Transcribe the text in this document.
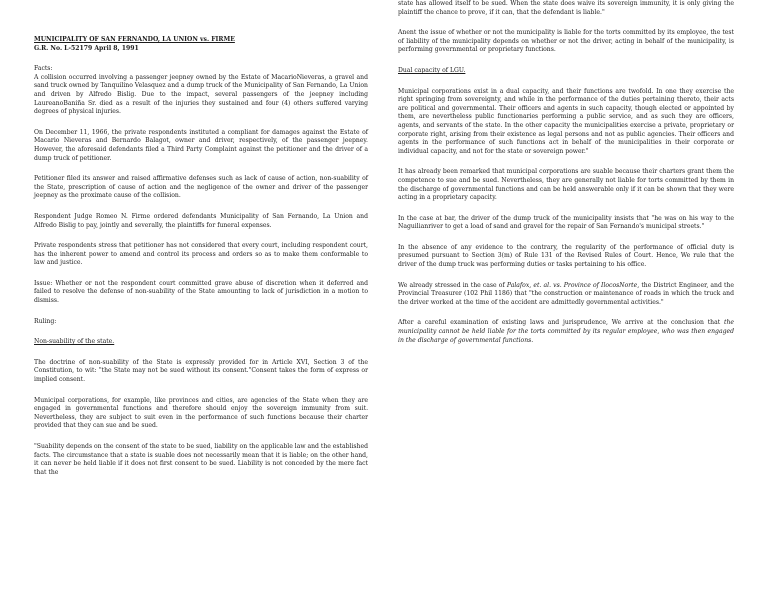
MUNICIPALITY OF SAN FERNANDO, LA UNION vs. FIRME
G.R. No. L-52179 April 8, 1991
Facts:

A collision occurred involving a passenger jeepney owned by the Estate of MacarioNieveras, a gravel and sand truck owned by Tanquilino Velasquez and a dump truck of the Municipality of San Fernando, La Union and driven by Alfredo Bislig. Due to the impact, several passengers of the jeepney including LaureanoBaniña Sr. died as a result of the injuries they sustained and four (4) others suffered varying degrees of physical injuries.

On December 11, 1966, the private respondents instituted a compliant for damages against the Estate of Macario Nieveras and Bernardo Balagot, owner and driver, respectively, of the passenger jeepney. However, the aforesaid defendants filed a Third Party Complaint against the petitioner and the driver of a dump truck of petitioner.

Petitioner filed its answer and raised affirmative defenses such as lack of cause of action, non-suability of the State, prescription of cause of action and the negligence of the owner and driver of the passenger jeepney as the proximate cause of the collision.

Respondent Judge Romeo N. Firme ordered defendants Municipality of San Fernando, La Union and Alfredo Bislig to pay, jointly and severally, the plaintiffs for funeral expenses.

Private respondents stress that petitioner has not considered that every court, including respondent court, has the inherent power to amend and control its process and orders so as to make them conformable to law and justice.

Issue: Whether or not the respondent court committed grave abuse of discretion when it deferred and failed to resolve the defense of non-suability of the State amounting to lack of jurisdiction in a motion to dismiss.

Ruling:

Non-suability of the state.

The doctrine of non-suability of the State is expressly provided for in Article XVI, Section 3 of the Constitution, to wit: "the State may not be sued without its consent."Consent takes the form of express or implied consent.

Municipal corporations, for example, like provinces and cities, are agencies of the State when they are engaged in governmental functions and therefore should enjoy the sovereign immunity from suit. Nevertheless, they are subject to suit even in the performance of such functions because their charter provided that they can sue and be sued.

"Suability depends on the consent of the state to be sued, liability on the applicable law and the established facts. The circumstance that a state is suable does not necessarily mean that it is liable; on the other hand, it can never be held liable if it does not first consent to be sued. Liability is not conceded by the mere fact that the

state has allowed itself to be sued. When the state does waive its sovereign immunity, it is only giving the plaintiff the chance to prove, if it can, that the defendant is liable."

Anent the issue of whether or not the municipality is liable for the torts committed by its employee, the test of liability of the municipality depends on whether or not the driver, acting in behalf of the municipality, is performing governmental or proprietary functions.

Dual capacity of LGU.

Municipal corporations exist in a dual capacity, and their functions are twofold. In one they exercise the right springing from sovereignty, and while in the performance of the duties pertaining thereto, their acts are political and governmental. Their officers and agents in such capacity, though elected or appointed by them, are nevertheless public functionaries performing a public service, and as such they are officers, agents, and servants of the state. In the other capacity the municipalities exercise a private, proprietary or corporate right, arising from their existence as legal persons and not as public agencies. Their officers and agents in the performance of such functions act in behalf of the municipalities in their corporate or individual capacity, and not for the state or sovereign power."

It has already been remarked that municipal corporations are suable because their charters grant them the competence to sue and be sued. Nevertheless, they are generally not liable for torts committed by them in the discharge of governmental functions and can be held answerable only if it can be shown that they were acting in a proprietary capacity.

In the case at bar, the driver of the dump truck of the municipality insists that "he was on his way to the Naguilianriver to get a load of sand and gravel for the repair of San Fernando's municipal streets."

In the absence of any evidence to the contrary, the regularity of the performance of official duty is presumed pursuant to Section 3(m) of Rule 131 of the Revised Rules of Court. Hence, We rule that the driver of the dump truck was performing duties or tasks pertaining to his office.

We already stressed in the case of Palafox, et. al. vs. Province of IlocosNorte, the District Engineer, and the Provincial Treasurer (102 Phil 1186) that "the construction or maintenance of roads in which the truck and the driver worked at the time of the accident are admittedly governmental activities."

After a careful examination of existing laws and jurisprudence, We arrive at the conclusion that the municipality cannot be held liable for the torts committed by its regular employee, who was then engaged in the discharge of governmental functions.
